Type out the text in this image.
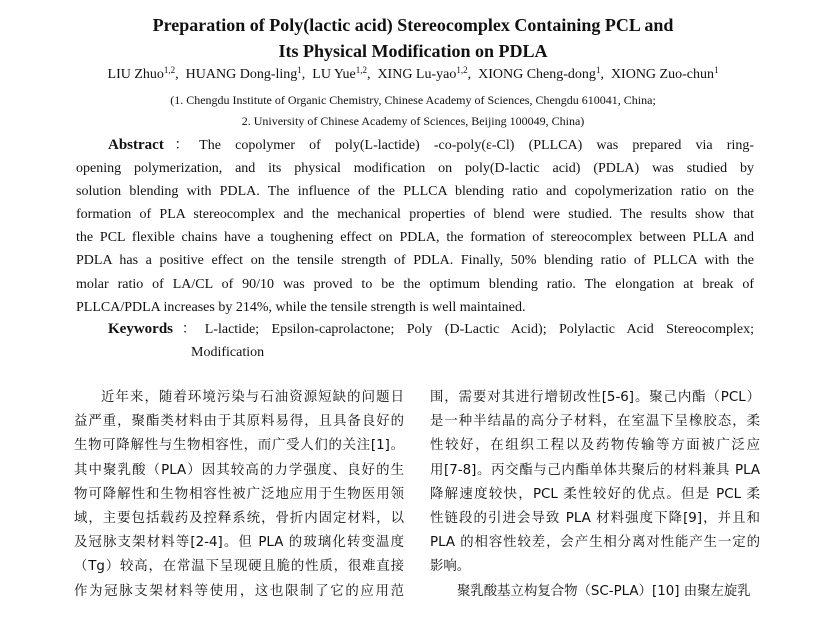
Preparation of Poly(lactic acid) Stereocomplex Containing PCL and
Its Physical Modification on PDLA
LIU Zhuo$^{1,2}$,  HUANG Dong-ling$^1$,  LU Yue$^{1,2}$,  XING Lu-yao$^{1,2}$,  XIONG Cheng-dong$^1$,  XIONG Zuo-chun$^1$
(1. Chengdu Institute of Organic Chemistry, Chinese Academy of Sciences, Chengdu 610041, China;
2. University of Chinese Academy of Sciences, Beijing 100049, China)
Abstract：The copolymer of poly(L-lactide) -co-poly(ε-Cl) (PLLCA) was prepared via ring-
opening polymerization, and its physical modification on poly(D-lactic acid) (PDLA) was studied by
solution blending with PDLA. The influence of the PLLCA blending ratio and copolymerization ratio on the
formation of PLA stereocomplex and the mechanical properties of blend were studied. The results show that
the PCL flexible chains have a toughening effect on PDLA, the formation of stereocomplex between PLLA and
PDLA has a positive effect on the tensile strength of PDLA. Finally, 50% blending ratio of PLLCA with the
molar ratio of LA/CL of 90/10 was proved to be the optimum blending ratio. The elongation at break of
PLLCA/PDLA increases by 214%, while the tensile strength is well maintained.
Keywords：L-lactide; Epsilon-caprolactone; Poly (D-Lactic Acid); Polylactic Acid Stereocomplex;
Modification
近年来，随着环境污染与石油资源短缺的问题日
益严重，聚酯类材料由于其原料易得，且具备良好的
生物可降解性与生物相容性，而广受人们的关注[1]。
其中聚乳酸（PLA）因其较高的力学强度、良好的生
物可降解性和生物相容性被广泛地应用于生物医用领
域，主要包括载药及控释系统，骨折内固定材料，以
及冠脉支架材料等[2-4]。但 PLA 的玻璃化转变温度
（Tg）较高，在常温下呈现硬且脆的性质，很难直接
作为冠脉支架材料等使用，这也限制了它的应用范
围，需要对其进行增韧改性[5-6]。聚己内酯（PCL）
是一种半结晶的高分子材料，在室温下呈橡胶态，柔
性较好，在组织工程以及药物传输等方面被广泛应
用[7-8]。丙交酯与己内酯单体共聚后的材料兼具 PLA
降解速度较快，PCL 柔性较好的优点。但是 PCL 柔
性链段的引进会导致 PLA 材料强度下降[9]，并且和
PLA 的相容性较差，会产生相分离对性能产生一定的
影响。
聚乳酸基立构复合物（SC-PLA）[10] 由聚左旋乳
